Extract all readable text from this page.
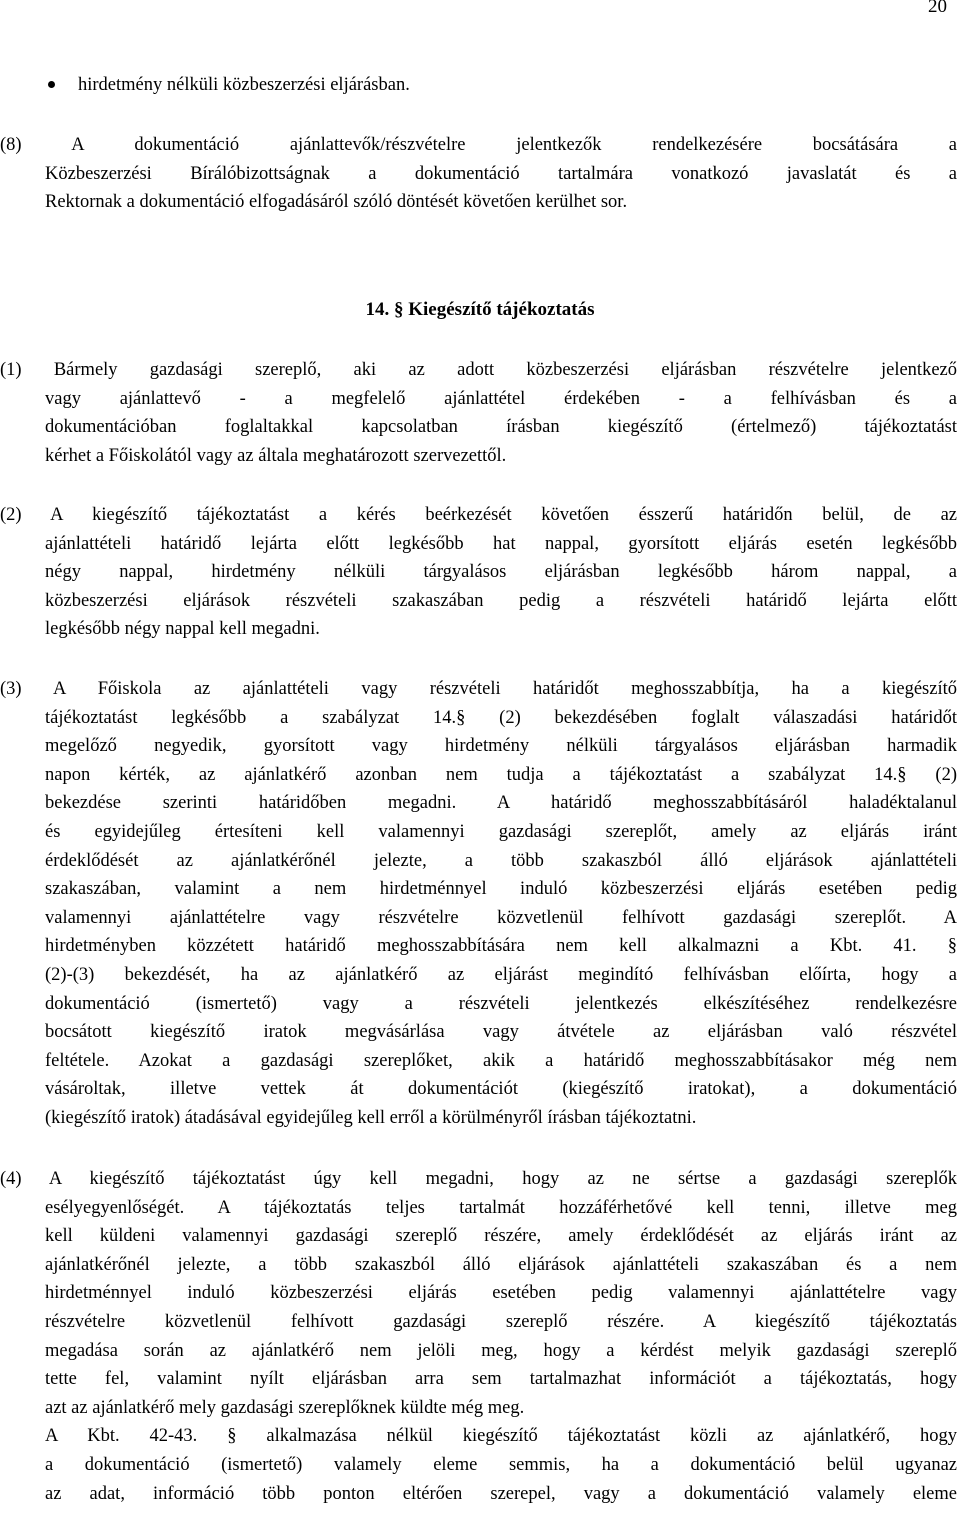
20
hirdetmény nélküli közbeszerzési eljárásban.
(8) A dokumentáció ajánlattevők/részvételre jelentkezők rendelkezésére bocsátására a
Közbeszerzési Bírálóbizottságnak a dokumentáció tartalmára vonatkozó javaslatát és a
Rektornak a dokumentáció elfogadásáról szóló döntését követően kerülhet sor.
14. § Kiegészítő tájékoztatás
(1) Bármely gazdasági szereplő, aki az adott közbeszerzési eljárásban részvételre jelentkező
vagy ajánlattevő - a megfelelő ajánlattétel érdekében - a felhívásban és a
dokumentációban foglaltakkal kapcsolatban írásban kiegészítő (értelmező) tájékoztatást
kérhet a Főiskolától vagy az általa meghatározott szervezettől.
(2) A kiegészítő tájékoztatást a kérés beérkezését követően ésszerű határidőn belül, de az
ajánlattételi határidő lejárta előtt legkésőbb hat nappal, gyorsított eljárás esetén legkésőbb
négy nappal, hirdetmény nélküli tárgyalásos eljárásban legkésőbb három nappal, a
közbeszerzési eljárások részvételi szakaszában pedig a részvételi határidő lejárta előtt
legkésőbb négy nappal kell megadni.
(3) A Főiskola az ajánlattételi vagy részvételi határidőt meghosszabbítja, ha a kiegészítő
tájékoztatást legkésőbb a szabályzat 14.§ (2) bekezdésében foglalt válaszadási határidőt
megelőző negyedik, gyorsított vagy hirdetmény nélküli tárgyalásos eljárásban harmadik
napon kérték, az ajánlatkérő azonban nem tudja a tájékoztatást a szabályzat 14.§ (2)
bekezdése szerinti határidőben megadni. A határidő meghosszabbításáról haladéktalanul
és egyidejűleg értesíteni kell valamennyi gazdasági szereplőt, amely az eljárás iránt
érdeklődését az ajánlatkérőnél jelezte, a több szakaszból álló eljárások ajánlattételi
szakaszában, valamint a nem hirdetménnyel induló közbeszerzési eljárás esetében pedig
valamennyi ajánlattételre vagy részvételre közvetlenül felhívott gazdasági szereplőt. A
hirdetményben közzétett határidő meghosszabbítására nem kell alkalmazni a Kbt. 41. §
(2)-(3) bekezdését, ha az ajánlatkérő az eljárást megindító felhívásban előírta, hogy a
dokumentáció (ismertető) vagy a részvételi jelentkezés elkészítéséhez rendelkezésre
bocsátott kiegészítő iratok megvásárlása vagy átvétele az eljárásban való részvétel
feltétele. Azokat a gazdasági szereplőket, akik a határidő meghosszabbításakor még nem
vásároltak, illetve vettek át dokumentációt (kiegészítő iratokat), a dokumentáció
(kiegészítő iratok) átadásával egyidejűleg kell erről a körülményről írásban tájékoztatni.
(4) A kiegészítő tájékoztatást úgy kell megadni, hogy az ne sértse a gazdasági szereplők
esélyegyenlőségét. A tájékoztatás teljes tartalmát hozzáférhetővé kell tenni, illetve meg
kell küldeni valamennyi gazdasági szereplő részére, amely érdeklődését az eljárás iránt az
ajánlatkérőnél jelezte, a több szakaszból álló eljárások ajánlattételi szakaszában és a nem
hirdetménnyel induló közbeszerzési eljárás esetében pedig valamennyi ajánlattételre vagy
részvételre közvetlenül felhívott gazdasági szereplő részére. A kiegészítő tájékoztatás
megadása során az ajánlatkérő nem jelöli meg, hogy a kérdést melyik gazdasági szereplő
tette fel, valamint nyílt eljárásban arra sem tartalmazhat információt a tájékoztatás, hogy
azt az ajánlatkérő mely gazdasági szereplőknek küldte még meg.
A Kbt. 42-43. § alkalmazása nélkül kiegészítő tájékoztatást közli az ajánlatkérő, hogy
a dokumentáció (ismertető) valamely eleme semmis, ha a dokumentáció belül ugyanaz
az adat, információ több ponton eltérően szerepel, vagy a dokumentáció valamely eleme
